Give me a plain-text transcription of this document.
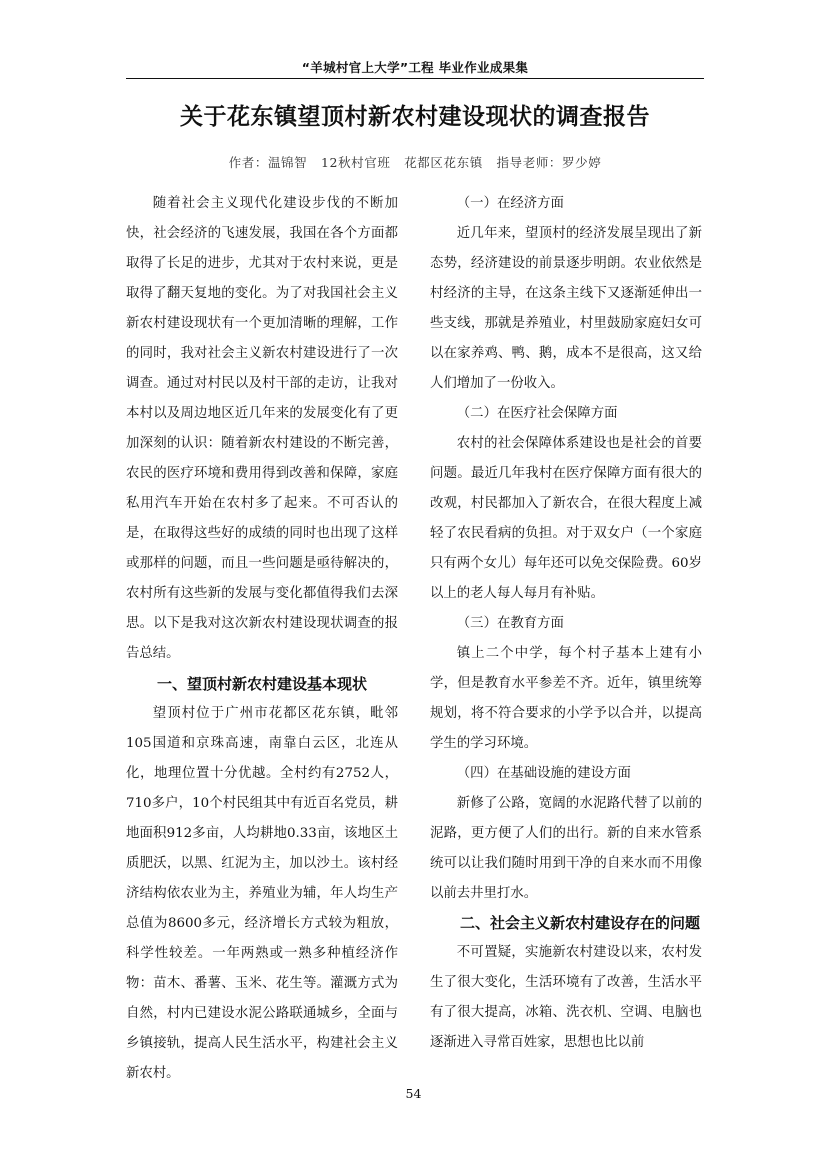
“羊城村官上大学”工程 毕业作业成果集
关于花东镇望顶村新农村建设现状的调查报告
作者：温锦智   12秋村官班   花都区花东镇   指导老师：罗少婷

随着社会主义现代化建设步伐的不断加快，社会经济的飞速发展，我国在各个方面都取得了长足的进步，尤其对于农村来说，更是取得了翻天复地的变化。为了对我国社会主义新农村建设现状有一个更加清晰的理解，工作的同时，我对社会主义新农村建设进行了一次调查。通过对村民以及村干部的走访，让我对本村以及周边地区近几年来的发展变化有了更加深刻的认识：随着新农村建设的不断完善，农民的医疗环境和费用得到改善和保障，家庭私用汽车开始在农村多了起来。不可否认的是，在取得这些好的成绩的同时也出现了这样或那样的问题，而且一些问题是亟待解决的，农村所有这些新的发展与变化都值得我们去深思。以下是我对这次新农村建设现状调查的报告总结。

一、望顶村新农村建设基本现状

望顶村位于广州市花都区花东镇，毗邻105国道和京珠高速，南靠白云区，北连从化，地理位置十分优越。全村约有2752人，710多户，10个村民组其中有近百名党员，耕地面积912多亩，人均耕地0.33亩，该地区土质肥沃，以黑、红泥为主，加以沙土。该村经济结构依农业为主，养殖业为辅，年人均生产总值为8600多元，经济增长方式较为粗放，科学性较差。一年两熟或一熟多种植经济作物：苗木、番薯、玉米、花生等。灌溉方式为自然，村内已建设水泥公路联通城乡，全面与乡镇接轨，提高人民生活水平，构建社会主义新农村。

（一）在经济方面

近几年来，望顶村的经济发展呈现出了新态势，经济建设的前景逐步明朗。农业依然是村经济的主导，在这条主线下又逐渐延伸出一些支线，那就是养殖业，村里鼓励家庭妇女可以在家养鸡、鸭、鹅，成本不是很高，这又给人们增加了一份收入。

（二）在医疗社会保障方面

农村的社会保障体系建设也是社会的首要问题。最近几年我村在医疗保障方面有很大的改观，村民都加入了新农合，在很大程度上减轻了农民看病的负担。对于双女户（一个家庭只有两个女儿）每年还可以免交保险费。60岁以上的老人每人每月有补贴。

（三）在教育方面

镇上二个中学，每个村子基本上建有小学，但是教育水平参差不齐。近年，镇里统筹规划，将不符合要求的小学予以合并，以提高学生的学习环境。

（四）在基础设施的建设方面

新修了公路，宽阔的水泥路代替了以前的泥路，更方便了人们的出行。新的自来水管系统可以让我们随时用到干净的自来水而不用像以前去井里打水。

二、社会主义新农村建设存在的问题

不可置疑，实施新农村建设以来，农村发生了很大变化，生活环境有了改善，生活水平有了很大提高，冰箱、洗衣机、空调、电脑也逐渐进入寻常百姓家，思想也比以前

54
